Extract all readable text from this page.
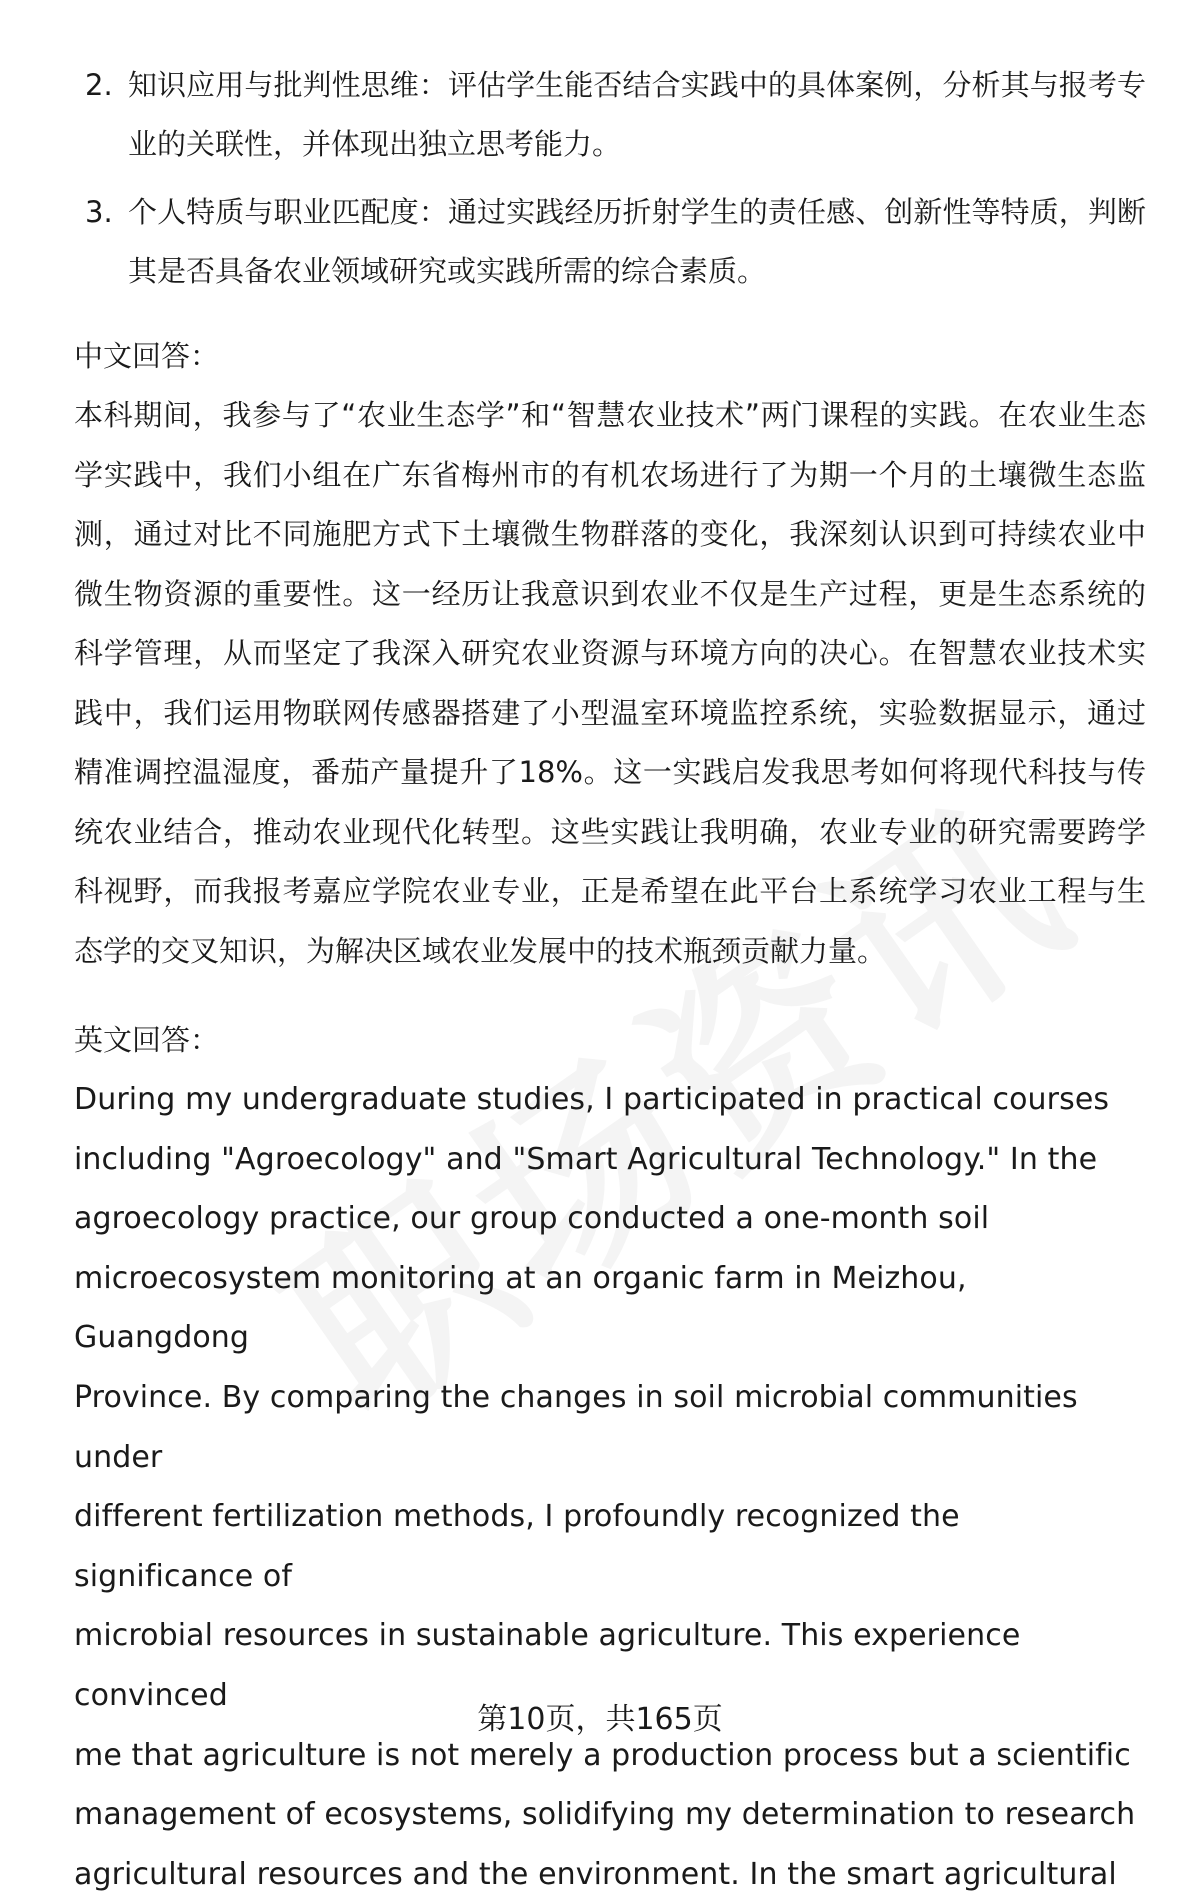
2. 知识应用与批判性思维：评估学生能否结合实践中的具体案例，分析其与报考专业的关联性，并体现出独立思考能力。
3. 个人特质与职业匹配度：通过实践经历折射学生的责任感、创新性等特质，判断其是否具备农业领域研究或实践所需的综合素质。
中文回答：

本科期间，我参与了“农业生态学”和“智慧农业技术”两门课程的实践。在农业生态学实践中，我们小组在广东省梅州市的有机农场进行了为期一个月的土壤微生态监测，通过对比不同施肥方式下土壤微生物群落的变化，我深刻认识到可持续农业中微生物资源的重要性。这一经历让我意识到农业不仅是生产过程，更是生态系统的科学管理，从而坚定了我深入研究农业资源与环境方向的决心。在智慧农业技术实践中，我们运用物联网传感器搭建了小型温室环境监控系统，实验数据显示，通过精准调控温湿度，番茄产量提升了18%。这一实践启发我思考如何将现代科技与传统农业结合，推动农业现代化转型。这些实践让我明确，农业专业的研究需要跨学科视野，而我报考嘉应学院农业专业，正是希望在此平台上系统学习农业工程与生态学的交叉知识，为解决区域农业发展中的技术瓶颈贡献力量。

英文回答：
During my undergraduate studies, I participated in practical courses
including "Agroecology" and "Smart Agricultural Technology." In the
agroecology practice, our group conducted a one-month soil
microecosystem monitoring at an organic farm in Meizhou, Guangdong
Province. By comparing the changes in soil microbial communities under
different fertilization methods, I profoundly recognized the significance of
microbial resources in sustainable agriculture. This experience convinced
me that agriculture is not merely a production process but a scientific
management of ecosystems, solidifying my determination to research
agricultural resources and the environment. In the smart agricultural
第10页，共165页
